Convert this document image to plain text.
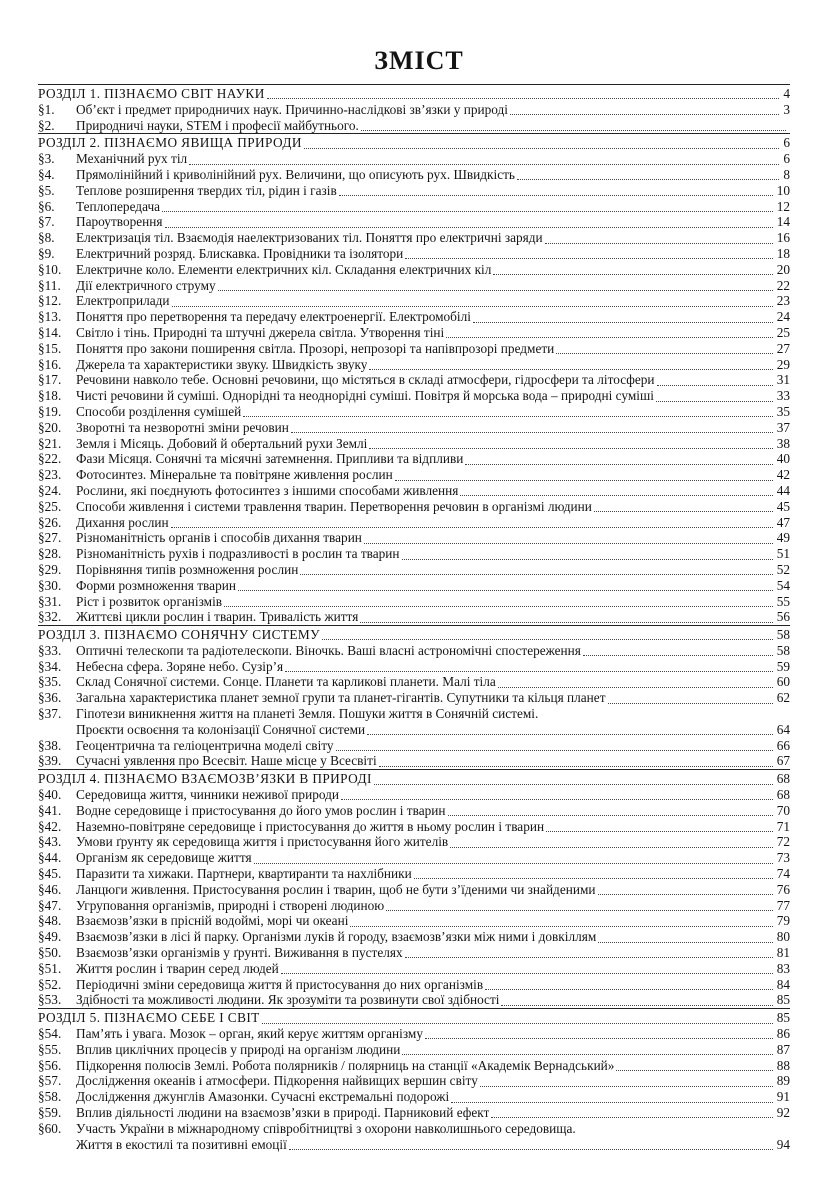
ЗМІСТ
РОЗДІЛ 1. ПІЗНАЄМО СВІТ НАУКИ	4
§1.	Об’єкт і предмет природничих наук. Причинно-наслідкові зв’язки у природі	3
§2.	Природничі науки, STEM і професії майбутнього.
РОЗДІЛ 2. ПІЗНАЄМО ЯВИЩА ПРИРОДИ	6
§3.	Механічний рух тіл	6
§4.	Прямолінійний і криволінійний рух. Величини, що описують рух. Швидкість	8
§5.	Теплове розширення твердих тіл, рідин і газів	10
§6.	Теплопередача	12
§7.	Пароутворення	14
§8.	Електризація тіл. Взаємодія наелектризованих тіл. Поняття про електричні заряди	16
§9.	Електричний розряд. Блискавка. Провідники та ізолятори	18
§10.	Електричне коло. Елементи електричних кіл. Складання електричних кіл	20
§11.	Дії електричного струму	22
§12.	Електроприлади	23
§13.	Поняття про перетворення та передачу електроенергії. Електромобілі	24
§14.	Світло і тінь. Природні та штучні джерела світла. Утворення тіні	25
§15.	Поняття про закони поширення світла. Прозорі, непрозорі та напівпрозорі предмети	27
§16.	Джерела та характеристики звуку. Швидкість звуку	29
§17.	Речовини навколо тебе. Основні речовини, що містяться в складі атмосфери, гідросфери та літосфери	31
§18.	Чисті речовини й суміші. Однорідні та неоднорідні суміші. Повітря й морська вода – природні суміші	33
§19.	Способи розділення сумішей	35
§20.	Зворотні та незворотні зміни речовин	37
§21.	Земля і Місяць. Добовий й обертальний рухи Землі	38
§22.	Фази Місяця. Сонячні та місячні затемнення. Припливи та відпливи	40
§23.	Фотосинтез. Мінеральне та повітряне живлення рослин	42
§24.	Рослини, які поєднують фотосинтез з іншими способами живлення	44
§25.	Способи живлення і системи травлення тварин. Перетворення речовин в організмі людини	45
§26.	Дихання рослин	47
§27.	Різноманітність органів і способів дихання тварин	49
§28.	Різноманітність рухів і подразливості в рослин та тварин	51
§29.	Порівняння типів розмноження рослин	52
§30.	Форми розмноження тварин	54
§31.	Ріст і розвиток організмів	55
§32.	Життєві цикли рослин і тварин. Тривалість життя	56
РОЗДІЛ 3. ПІЗНАЄМО СОНЯЧНУ СИСТЕМУ	58
§33.	Оптичні телескопи та радіотелескопи. Віночкь. Ваші власні астрономічні спостереження	58
§34.	Небесна сфера. Зоряне небо. Сузір’я	59
§35.	Склад Сонячної системи. Сонце. Планети та карликові планети. Малі тіла	60
§36.	Загальна характеристика планет земної групи та планет-гігантів. Супутники та кільця планет	62
§37.	Гіпотези виникнення життя на планеті Земля. Пошуки життя в Сонячній системі.
Проєкти освоєння та колонізації Сонячної системи	64
§38.	Геоцентрична та геліоцентрична моделі світу	66
§39.	Сучасні уявлення про Всесвіт. Наше місце у Всесвіті	67
РОЗДІЛ 4. ПІЗНАЄМО ВЗАЄМОЗВ’ЯЗКИ В ПРИРОДІ	68
§40.	Середовища життя, чинники неживої природи	68
§41.	Водне середовище і пристосування до його умов рослин і тварин	70
§42.	Наземно-повітряне середовище і пристосування до життя в ньому рослин і тварин	71
§43.	Умови ґрунту як середовища життя і пристосування його жителів	72
§44.	Організм як середовище життя	73
§45.	Паразити та хижаки. Партнери, квартиранти та нахлібники	74
§46.	Ланцюги живлення. Пристосування рослин і тварин, щоб не бути з’їденими чи знайденими	76
§47.	Угруповання організмів, природні і створені людиною	77
§48.	Взаємозв’язки в прісній водоймі, морі чи океані	79
§49.	Взаємозв’язки в лісі й парку. Організми луків й городу, взаємозв’язки між ними і довкіллям	80
§50.	Взаємозв’язки організмів у ґрунті. Виживання в пустелях	81
§51.	Життя рослин і тварин серед людей	83
§52.	Періодичні зміни середовища життя й пристосування до них організмів	84
§53.	Здібності та можливості людини. Як зрозуміти та розвинути свої здібності	85
РОЗДІЛ 5. ПІЗНАЄМО СЕБЕ І СВІТ	85
§54.	Пам’ять і увага. Мозок – орган, який керує життям організму	86
§55.	Вплив циклічних процесів у природі на організм людини	87
§56.	Підкорення полюсів Землі. Робота полярників / полярниць на станції «Академік Вернадський»	88
§57.	Дослідження океанів і атмосфери. Підкорення найвищих вершин світу	89
§58.	Дослідження джунглів Амазонки. Сучасні екстремальні подорожі	91
§59.	Вплив діяльності людини на взаємозв’язки в природі. Парниковий ефект	92
§60.	Участь України в міжнародному співробітництві з охорони навколишнього середовища.
Життя в екостилі та позитивні емоції	94
